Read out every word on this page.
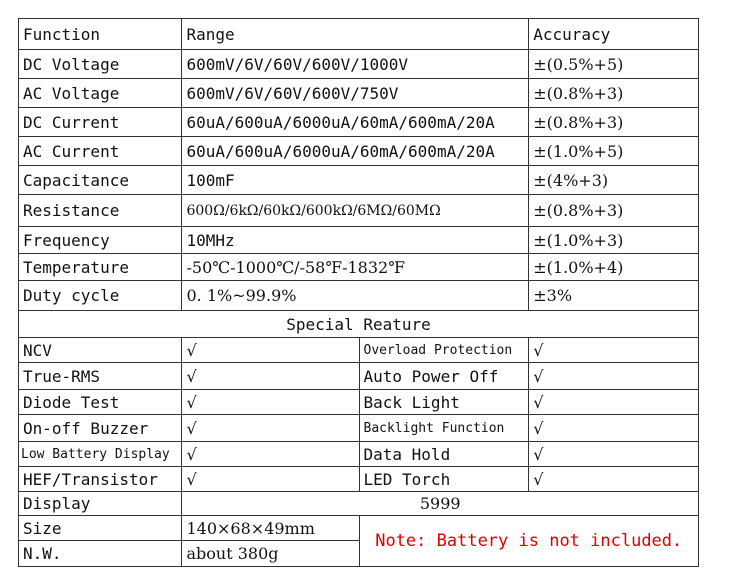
Function	Range		Accuracy
DC Voltage	600mV/6V/60V/600V/1000V		±(0.5%+5)
AC Voltage	600mV/6V/60V/600V/750V		±(0.8%+3)
DC Current	60uA/600uA/6000uA/60mA/600mA/20A		±(0.8%+3)
AC Current	60uA/600uA/6000uA/60mA/600mA/20A		±(1.0%+5)
Capacitance	100mF		±(4%+3)
Resistance	600Ω/6kΩ/60kΩ/600kΩ/6MΩ/60MΩ		±(0.8%+3)
Frequency	10MHz		±(1.0%+3)
Temperature	-50℃-1000℃/-58℉-1832℉		±(1.0%+4)
Duty cycle	0. 1%~99.9%		±3%
Special Reature			
NCV	√	Overload Protection	√
True-RMS	√	Auto Power Off	√
Diode Test	√	Back Light	√
On-off Buzzer	√	Backlight Function	√
Low Battery Display	√	Data Hold	√
HEF/Transistor	√	LED Torch	√
Display	5999		
Size	140×68×49mm	Note: Battery is not included.	
N.W.	about 380g		
